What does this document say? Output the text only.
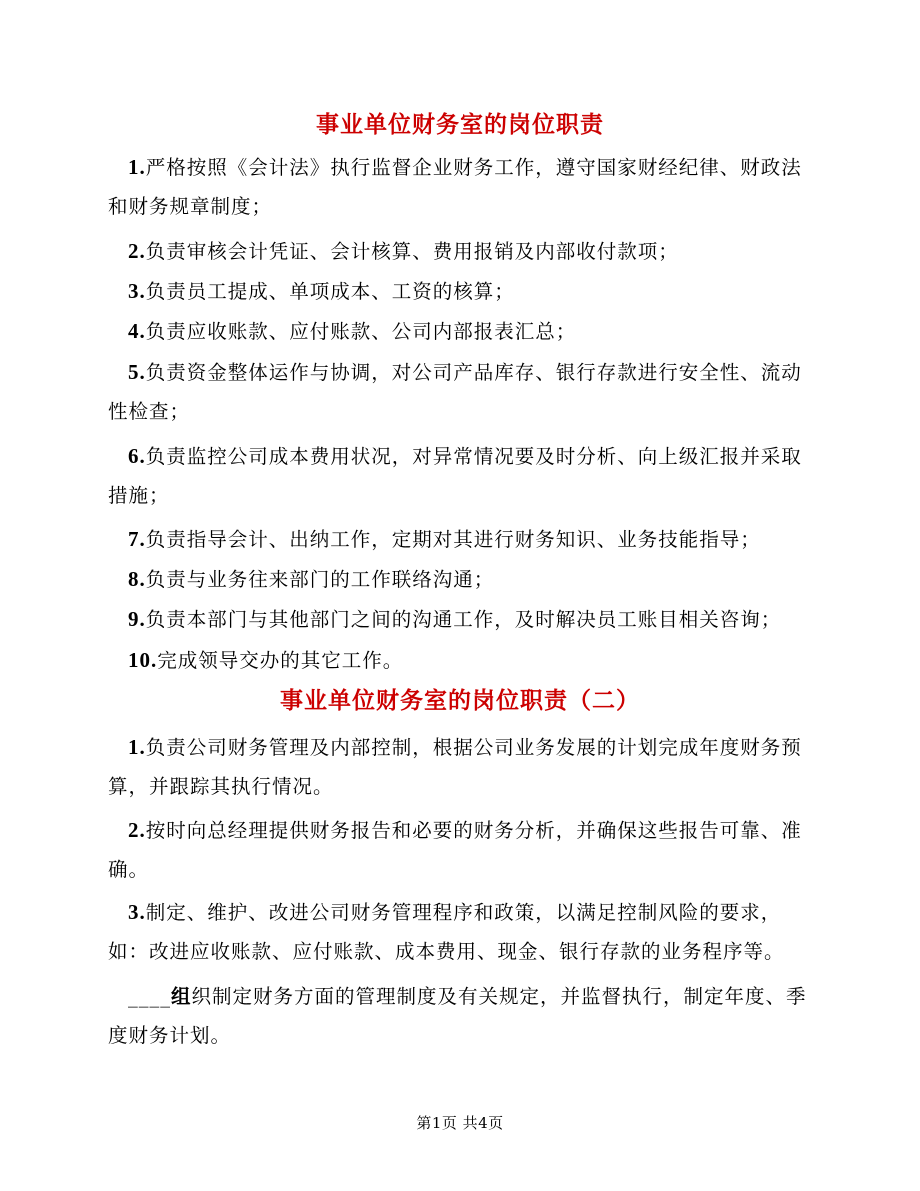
事业单位财务室的岗位职责

1.严格按照《会计法》执行监督企业财务工作，遵守国家财经纪律、财政法和财务规章制度；

2.负责审核会计凭证、会计核算、费用报销及内部收付款项；

3.负责员工提成、单项成本、工资的核算；

4.负责应收账款、应付账款、公司内部报表汇总；

5.负责资金整体运作与协调，对公司产品库存、银行存款进行安全性、流动性检查；

6.负责监控公司成本费用状况，对异常情况要及时分析、向上级汇报并采取措施；

7.负责指导会计、出纳工作，定期对其进行财务知识、业务技能指导；

8.负责与业务往来部门的工作联络沟通；

9.负责本部门与其他部门之间的沟通工作，及时解决员工账目相关咨询；

10.完成领导交办的其它工作。

事业单位财务室的岗位职责（二）

1.负责公司财务管理及内部控制，根据公司业务发展的计划完成年度财务预算，并跟踪其执行情况。

2.按时向总经理提供财务报告和必要的财务分析，并确保这些报告可靠、准确。

3.制定、维护、改进公司财务管理程序和政策，以满足控制风险的要求，如：改进应收账款、应付账款、成本费用、现金、银行存款的业务程序等。

____组织制定财务方面的管理制度及有关规定，并监督执行，制定年度、季度财务计划。

第1页 共4页
